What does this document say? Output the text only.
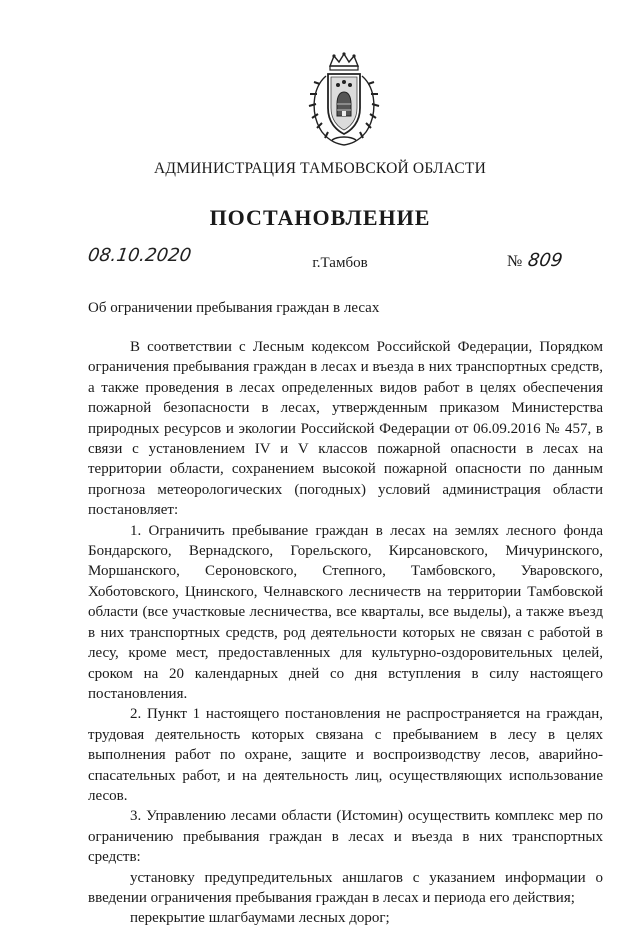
АДМИНИСТРАЦИЯ ТАМБОВСКОЙ ОБЛАСТИ
ПОСТАНОВЛЕНИЕ
08.10.2020	г.Тамбов	№ 809
Об ограничении пребывания граждан в лесах

В соответствии с Лесным кодексом Российской Федерации, Порядком ограничения пребывания граждан в лесах и въезда в них транспортных средств, а также проведения в лесах определенных видов работ в целях обеспечения пожарной безопасности в лесах, утвержденным приказом Министерства природных ресурсов и экологии Российской Федерации от 06.09.2016 № 457, в связи с установлением IV и V классов пожарной опасности в лесах на территории области, сохранением высокой пожарной опасности по данным прогноза метеорологических (погодных) условий администрация области постановляет:

1. Ограничить пребывание граждан в лесах на землях лесного фонда Бондарского, Вернадского, Горельского, Кирсановского, Мичуринского, Моршанского, Сероновского, Степного, Тамбовского, Уваровского, Хоботовского, Цнинского, Челнавского лесничеств на территории Тамбовской области (все участковые лесничества, все кварталы, все выделы), а также въезд в них транспортных средств, род деятельности которых не связан с работой в лесу, кроме мест, предоставленных для культурно-оздоровительных целей, сроком на 20 календарных дней со дня вступления в силу настоящего постановления.

2. Пункт 1 настоящего постановления не распространяется на граждан, трудовая деятельность которых связана с пребыванием в лесу в целях выполнения работ по охране, защите и воспроизводству лесов, аварийно-спасательных работ, и на деятельность лиц, осуществляющих использование лесов.

3. Управлению лесами области (Истомин) осуществить комплекс мер по ограничению пребывания граждан в лесах и въезда в них транспортных средств:

установку предупредительных аншлагов с указанием информации о введении ограничения пребывания граждан в лесах и периода его действия;

перекрытие шлагбаумами лесных дорог;
